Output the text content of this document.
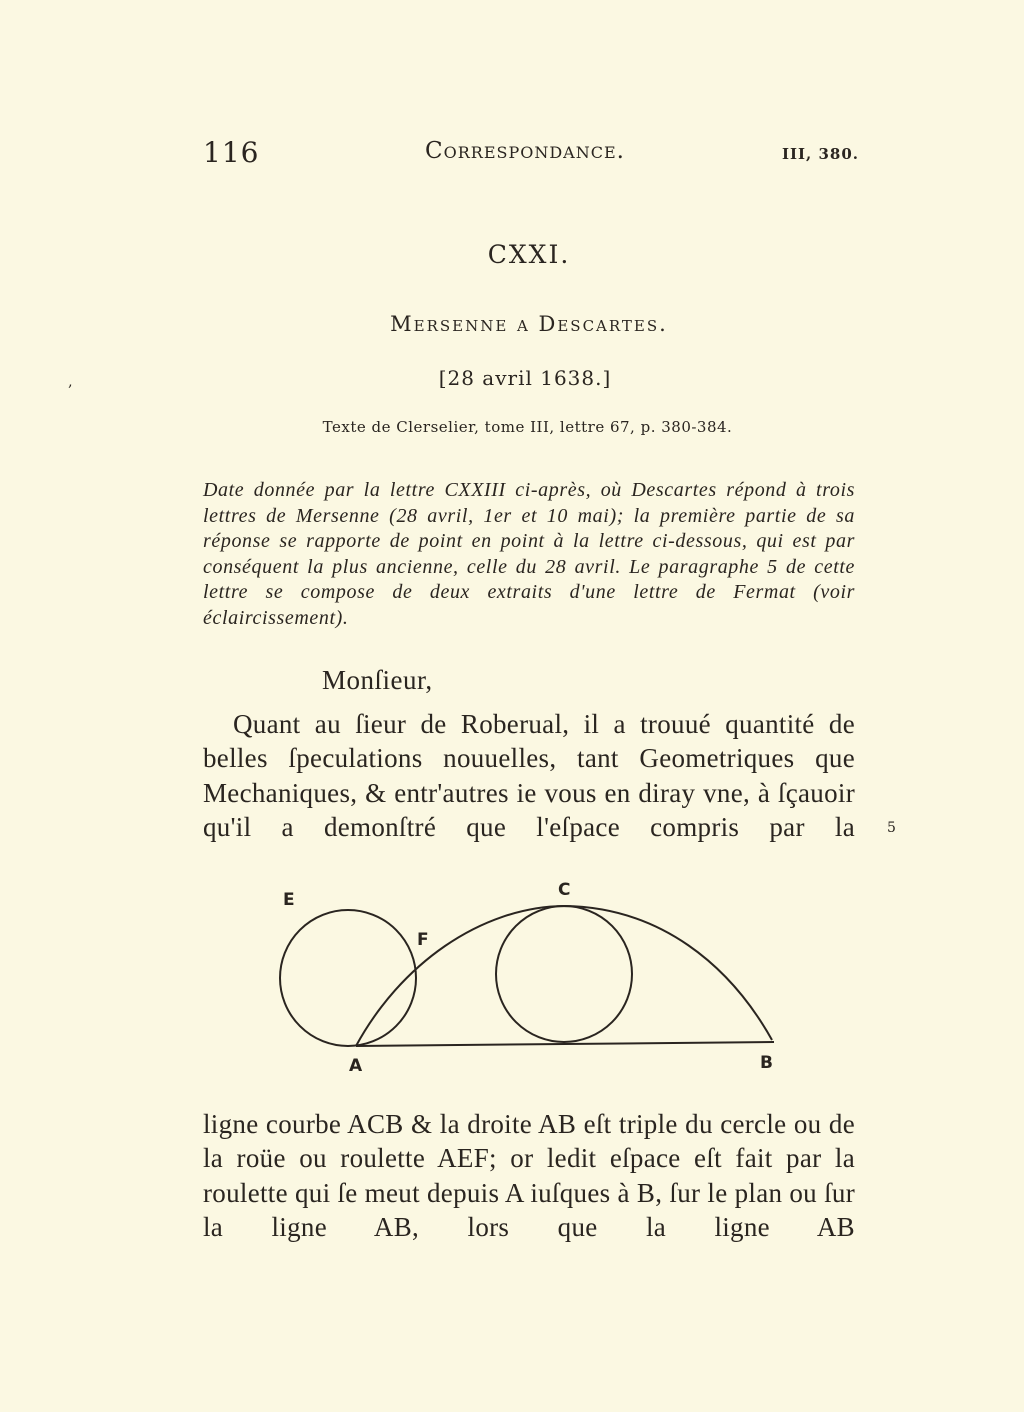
116	Correspondance.	III, 380.
‚
CXXI.
Mersenne a Descartes.
[28 avril 1638.]
Texte de Clerselier, tome III, lettre 67, p. 380-384.

Date donnée par la lettre CXXIII ci-après, où Descartes répond à trois lettres de Mersenne (28 avril, 1er et 10 mai); la première partie de sa réponse se rapporte de point en point à la lettre ci-dessous, qui est par conséquent la plus ancienne, celle du 28 avril. Le paragraphe 5 de cette lettre se compose de deux extraits d'une lettre de Fermat (voir éclaircissement).

Monſieur,

Quant au ſieur de Roberual, il a trouué quantité de belles ſpeculations nouuelles, tant Geometriques que Mechaniques, & entr'autres ie vous en diray vne, à ſçauoir qu'il a demonſtré que l'eſpace compris par la 5
E
F
C
A	B

ligne courbe ACB & la droite AB eſt triple du cercle ou de la roüe ou roulette AEF; or ledit eſpace eſt fait par la roulette qui ſe meut depuis A iuſques à B, ſur le plan ou ſur la ligne AB, lors que la ligne AB
